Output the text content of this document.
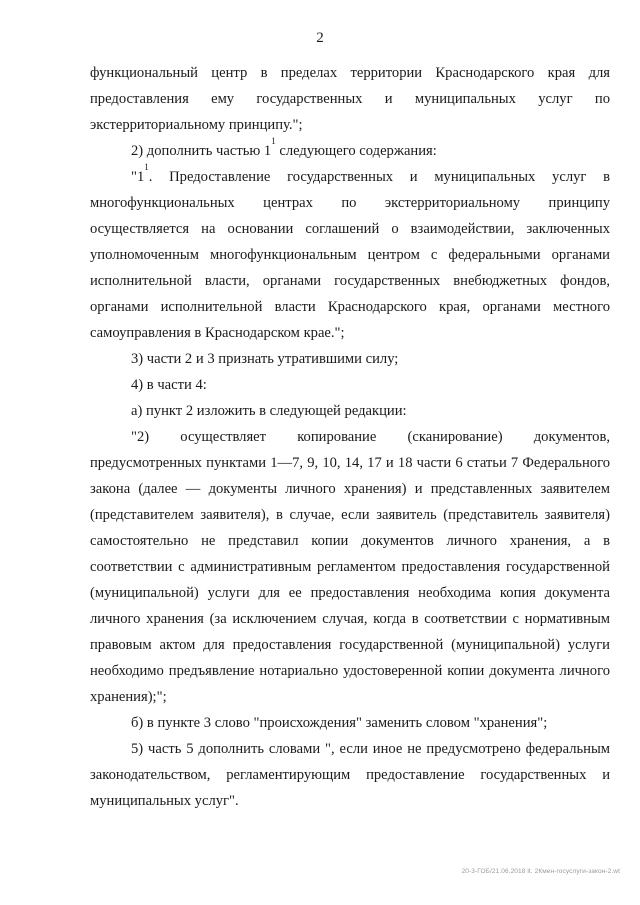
2

функциональный центр в пределах территории Краснодарского края для предоставления ему государственных и муниципальных услуг по экстерриториальному принципу.";

2) дополнить частью $1^1$ следующего содержания:

"$1^1$. Предоставление государственных и муниципальных услуг в многофункциональных центрах по экстерриториальному принципу осуществляется на основании соглашений о взаимодействии, заключенных уполномоченным многофункциональным центром с федеральными органами исполнительной власти, органами государственных внебюджетных фондов, органами исполнительной власти Краснодарского края, органами местного самоуправления в Краснодарском крае.";

3) части 2 и 3 признать утратившими силу;

4) в части 4:

а) пункт 2 изложить в следующей редакции:

"2) осуществляет копирование (сканирование) документов, предусмотренных пунктами 1—7, 9, 10, 14, 17 и 18 части 6 статьи 7 Федерального закона (далее — документы личного хранения) и представленных заявителем (представителем заявителя), в случае, если заявитель (представитель заявителя) самостоятельно не представил копии документов личного хранения, а в соответствии с административным регламентом предоставления государственной (муниципальной) услуги для ее предоставления необходима копия документа личного хранения (за исключением случая, когда в соответствии с нормативным правовым актом для предоставления государственной (муниципальной) услуги необходимо предъявление нотариально удостоверенной копии документа личного хранения);";

б) в пункте 3 слово "происхождения" заменить словом "хранения";

5) часть 5 дополнить словами ", если иное не предусмотрено федеральным законодательством, регламентирующим предоставление государственных и муниципальных услуг".

20-3-ГОБ/21.06.2018 lt. 2Кмен-госуслуги-закон-2.wt
